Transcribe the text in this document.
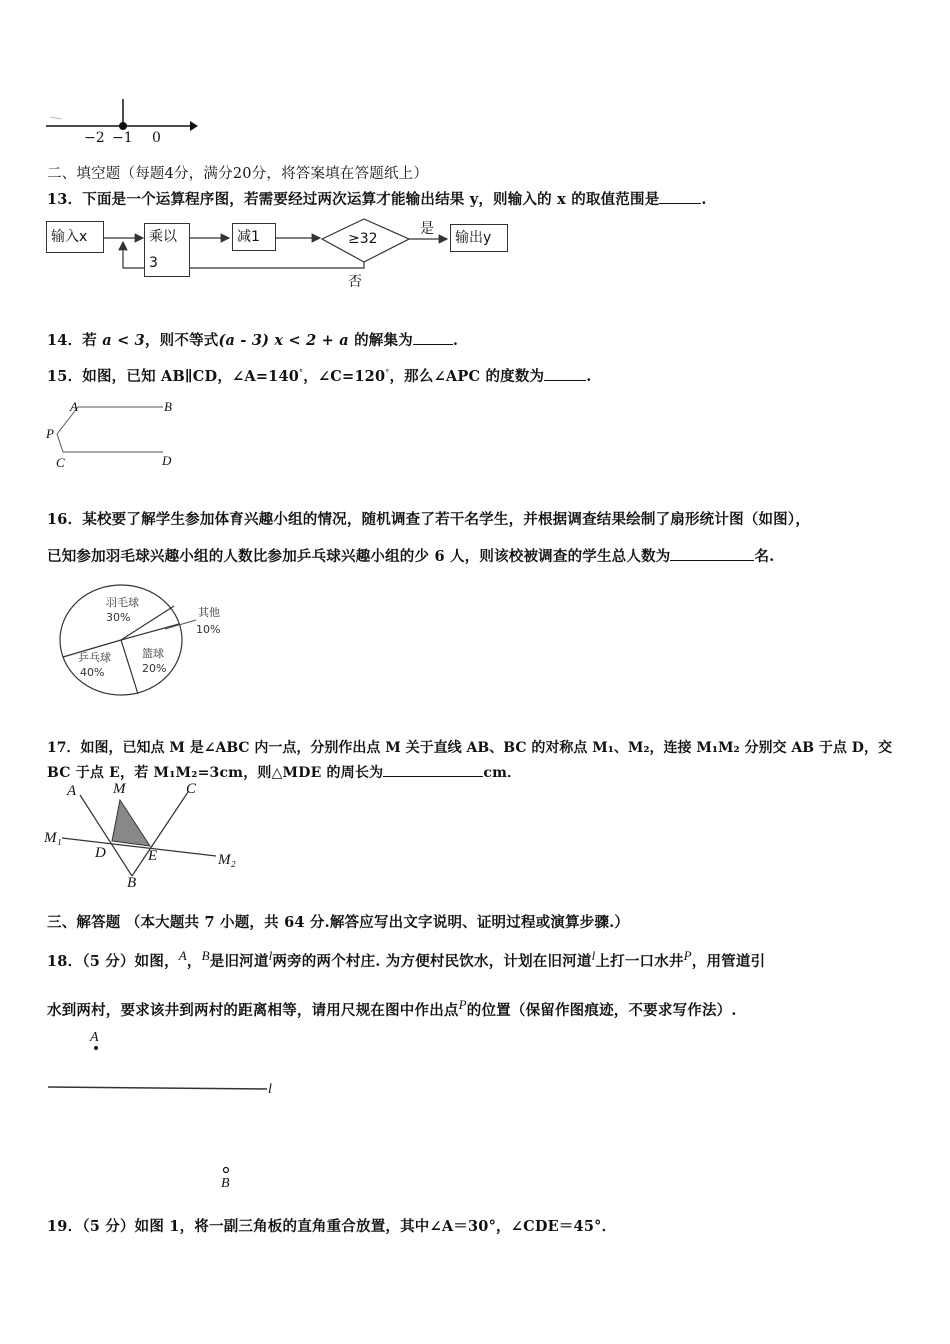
−2 −1 0
二、填空题（每题4分，满分20分，将答案填在答题纸上）
13．下面是一个运算程序图，若需要经过两次运算才能输出结果 y，则输入的 x 的取值范围是	.
输入x	乘以3
减1	≥32
是
否
输出y
14．若 a < 3，则不等式(a - 3) x < 2 + a 的解集为	.
15．如图，已知 AB∥CD，∠A=140°，∠C=120°，那么∠APC 的度数为	.
A	B
P
C	D
16．某校要了解学生参加体育兴趣小组的情况，随机调查了若干名学生，并根据调查结果绘制了扇形统计图（如图），
已知参加羽毛球兴趣小组的人数比参加乒乓球兴趣小组的少 6 人，则该校被调查的学生总人数为	名.
羽毛球
30%	其他
10%
篮球
20%
乒乓球
40%
17．如图，已知点 M 是∠ABC 内一点，分别作出点 M 关于直线 AB、BC 的对称点 M₁、M₂，连接 M₁M₂ 分别交 AB 于点 D，交
BC 于点 E，若 M₁M₂=3cm，则△MDE 的周长为	cm．
A M	C
M₁
D	E	M₂
B
三、解答题 （本大题共 7 小题，共 64 分.解答应写出文字说明、证明过程或演算步骤.）
18．（5 分）如图，$^A$，$^B$是旧河道$^l$两旁的两个村庄. 为方便村民饮水，计划在旧河道$^l$上打一口水井$^P$，用管道引
水到两村，要求该井到两村的距离相等，请用尺规在图中作出点$^P$的位置（保留作图痕迹，不要求写作法）.
A
l
B
19．（5 分）如图 1，将一副三角板的直角重合放置，其中∠A＝30°，∠CDE＝45°．
